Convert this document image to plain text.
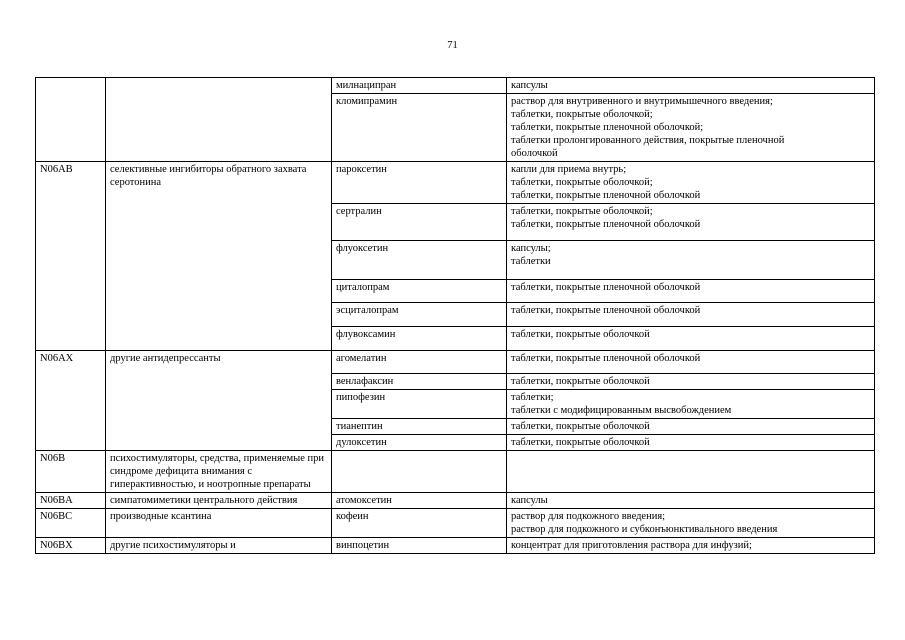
71
		милнаципран	капсулы

		кломипрамин	раствор для внутривенного и внутримышечного введения;
таблетки, покрытые оболочкой;
таблетки, покрытые пленочной оболочкой;
таблетки пролонгированного действия, покрытые пленочной
оболочкой

N06AB	селективные ингибиторы обратного захвата серотонина	пароксетин	капли для приема внутрь;
таблетки, покрытые оболочкой;
таблетки, покрытые пленочной оболочкой

		сертралин	таблетки, покрытые оболочкой;
таблетки, покрытые пленочной оболочкой

		флуоксетин	капсулы;
таблетки

		циталопрам	таблетки, покрытые пленочной оболочкой

		эсциталопрам	таблетки, покрытые пленочной оболочкой

		флувоксамин	таблетки, покрытые оболочкой

N06AX	другие антидепрессанты	агомелатин	таблетки, покрытые пленочной оболочкой

		венлафаксин	таблетки, покрытые оболочкой

		пипофезин	таблетки;
таблетки с модифицированным высвобождением

		тианептин	таблетки, покрытые оболочкой

		дулоксетин	таблетки, покрытые оболочкой

N06B	психостимуляторы, средства, применяемые при синдроме дефицита внимания с гиперактивностью, и ноотропные препараты		
N06BA	симпатомиметики центрального действия	атомоксетин	капсулы

N06BC	производные ксантина	кофеин	раствор для подкожного введения;
раствор для подкожного и субконъюнктивального введения

N06BX	другие психостимуляторы и	винпоцетин	концентрат для приготовления раствора для инфузий;
